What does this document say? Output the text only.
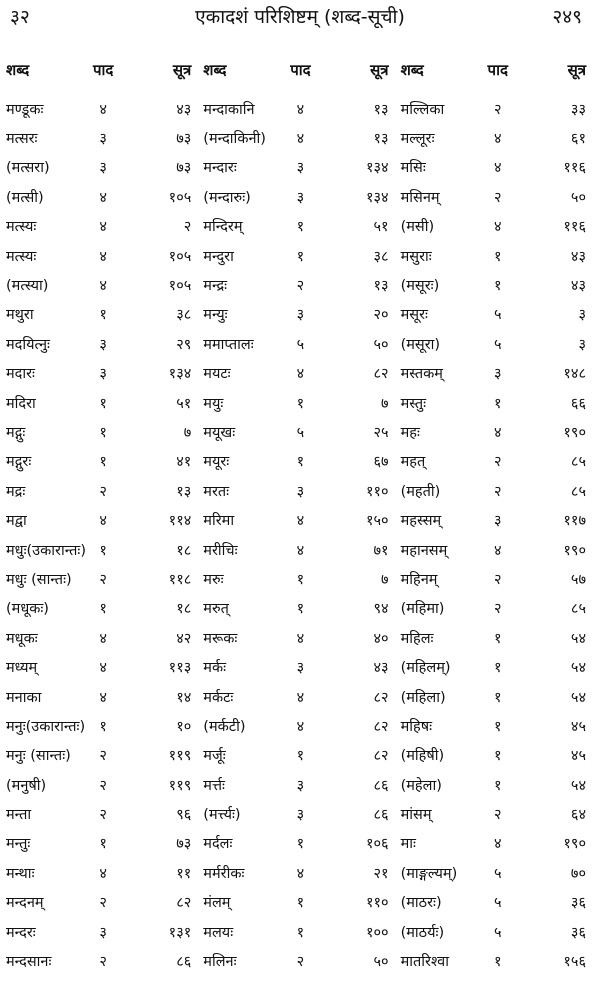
३२	एकादशं परिशिष्टम् (शब्द-सूची)	२४९
शब्द	पाद	सूत्र	शब्द	पाद	सूत्र	शब्द	पाद	सूत्र
मण्डूकः	४	४३	मन्दाकानि	४	१३	मल्लिका	२	३३
मत्सरः	३	७३	(मन्दाकिनी)	४	१३	मल्लूरः	४	६१
(मत्सरा)	३	७३	मन्दारः	३	१३४	मसिः	४	११६
(मत्सी)	४	१०५	(मन्दारुः)	३	१३४	मसिनम्	२	५०
मत्स्यः	४	२	मन्दिरम्	१	५१	(मसी)	४	११६
मत्स्यः	४	१०५	मन्दुरा	१	३८	मसुराः	१	४३
(मत्स्या)	४	१०५	मन्द्रः	२	१३	(मसूरः)	१	४३
मथुरा	१	३८	मन्युः	३	२०	मसूरः	५	३
मदयित्नुः	३	२९	ममाप्तालः	५	५०	(मसूरा)	५	३
मदारः	३	१३४	मयटः	४	८२	मस्तकम्	३	१४८
मदिरा	१	५१	मयुः	१	७	मस्तुः	१	६६
मद्गुः	१	७	मयूखः	५	२५	महः	४	१९०
मद्गुरः	१	४१	मयूरः	१	६७	महत्	२	८५
मद्रः	२	१३	मरतः	३	११०	(महती)	२	८५
मद्वा	४	११४	मरिमा	४	१५०	महस्सम्	३	११७
मधुः(उकारान्तः)	१	१८	मरीचिः	४	७१	महानसम्	४	१९०
मधुः (सान्तः)	२	११८	मरुः	१	७	महिनम्	२	५७
(मधूकः)	१	१८	मरुत्	१	९४	(महिमा)	२	८५
मधूकः	४	४२	मरूकः	४	४०	महिलः	१	५४
मध्यम्	४	११३	मर्कः	३	४३	(महिलम्)	१	५४
मनाका	४	१४	मर्कटः	४	८२	(महिला)	१	५४
मनुः(उकारान्तः)	१	१०	(मर्कटी)	४	८२	महिषः	१	४५
मनुः (सान्तः)	२	११९	मर्जूः	१	८२	(महिषी)	१	४५
(मनुषी)	२	११९	मर्त्तः	३	८६	(महेला)	१	५४
मन्ता	२	९६	(मर्त्त्यः)	३	८६	मांसम्	२	६४
मन्तुः	१	७३	मर्दलः	१	१०६	माः	४	१९०
मन्थाः	४	११	मर्मरीकः	४	२१	(माङ्गल्यम्)	५	७०
मन्दनम्	२	८२	मंलम्	१	११०	(माठरः)	५	३६
मन्दरः	३	१३१	मलयः	१	१००	(माठर्यः)	५	३६
मन्दसानः	२	८६	मलिनः	२	५०	मातरिश्वा	१	१५६
